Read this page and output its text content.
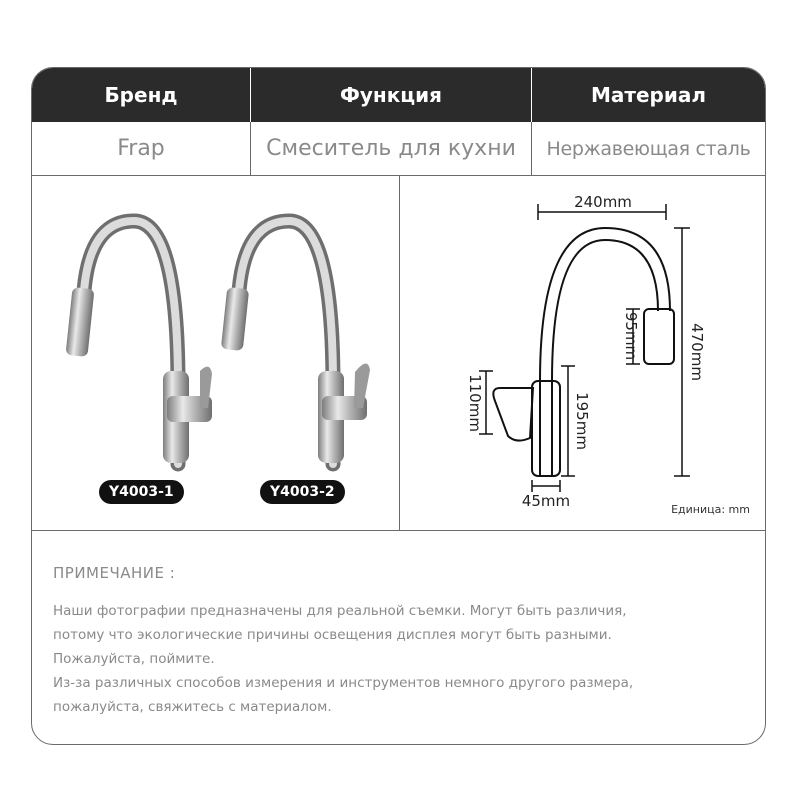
Бренд	Функция	Материал
Frap	Смеситель для кухни	Нержавеющая сталь
Y4003-1	Y4003-2
240mm
470mm
95mm
110mm	195mm
45mm	Единица: mm
ПРИМЕЧАНИЕ :
Наши фотографии предназначены для реальной съемки. Могут быть различия,
потому что экологические причины освещения дисплея могут быть разными.
Пожалуйста, поймите.
Из-за различных способов измерения и инструментов немного другого размера,
пожалуйста, свяжитесь с материалом.
